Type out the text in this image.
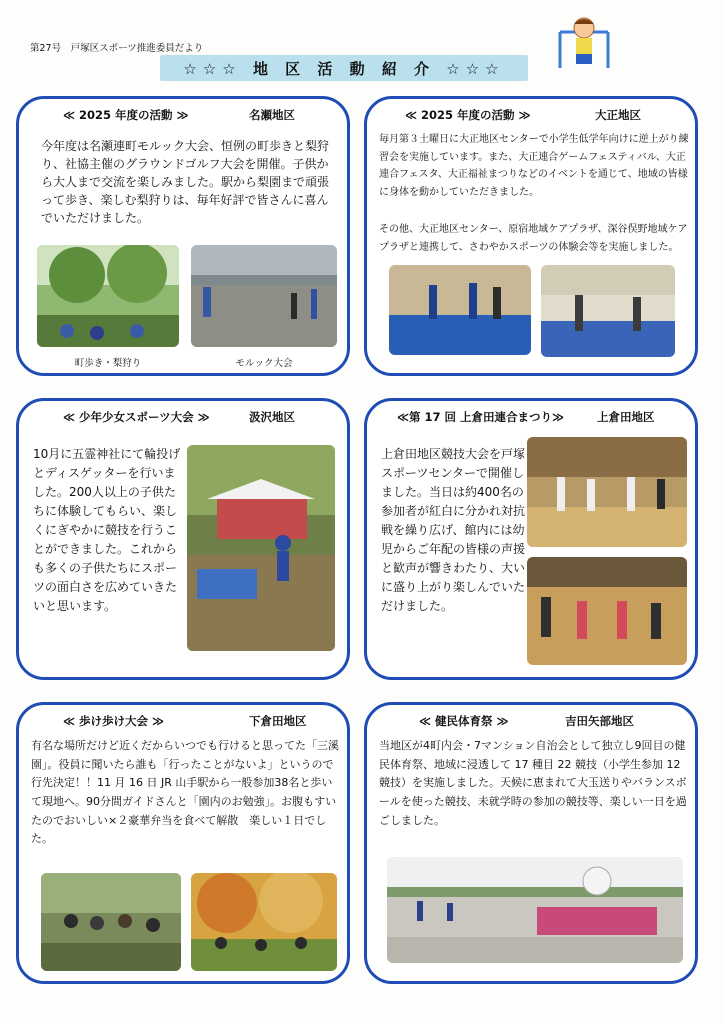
第27号　戸塚区スポーツ推進委員だより
☆☆☆ 地 区 活 動 紹 介 ☆☆☆
≪ 2025 年度の活動 ≫	名瀬地区
今年度は名瀬連町モルック大会、恒例の町歩きと梨狩り、社協主催のグラウンドゴルフ大会を開催。子供から大人まで交流を楽しみました。駅から梨園まで頑張って歩き、楽しむ梨狩りは、毎年好評で皆さんに喜んでいただけました。
町歩き・梨狩り	モルック大会
≪ 2025 年度の活動 ≫	大正地区
毎月第３土曜日に大正地区センターで小学生低学年向けに逆上がり練習会を実施しています。また、大正連合ゲームフェスティバル、大正連合フェスタ、大正福祉まつりなどのイベントを通じて、地域の皆様に身体を動かしていただきました。
その他、大正地区センター、原宿地域ケアプラザ、深谷俣野地域ケアプラザと連携して、さわやかスポーツの体験会等を実施しました。
≪ 少年少女スポーツ大会 ≫	汲沢地区
10月に五霊神社にて輪投げとディスゲッターを行いました。200人以上の子供たちに体験してもらい、楽しくにぎやかに競技を行うことができました。これからも多くの子供たちにスポーツの面白さを広めていきたいと思います。
≪第 17 回 上倉田連合まつり≫	上倉田地区
上倉田地区競技大会を戸塚スポーツセンターで開催しました。当日は約400名の参加者が紅白に分かれ対抗戦を繰り広げ、館内には幼児からご年配の皆様の声援と歓声が響きわたり、大いに盛り上がり楽しんでいただけました。
≪ 歩け歩け大会 ≫	下倉田地区
有名な場所だけど近くだからいつでも行けると思ってた「三溪園」。役員に聞いたら誰も「行ったことがないよ」というので行先決定！！11 月 16 日 JR 山手駅から一般参加38名と歩いて現地へ。90分間ガイドさんと「園内のお勉強」。お腹もすいたのでおいしい×２豪華弁当を食べて解散　楽しい１日でした。
≪ 健民体育祭 ≫	吉田矢部地区
当地区が4町内会・7マンション自治会として独立し9回目の健民体育祭、地域に浸透して 17 種目 22 競技（小学生参加 12 競技）を実施しました。天候に恵まれて大玉送りやバランスボールを使った競技、未就学時の参加の競技等、楽しい一日を過ごしました。
